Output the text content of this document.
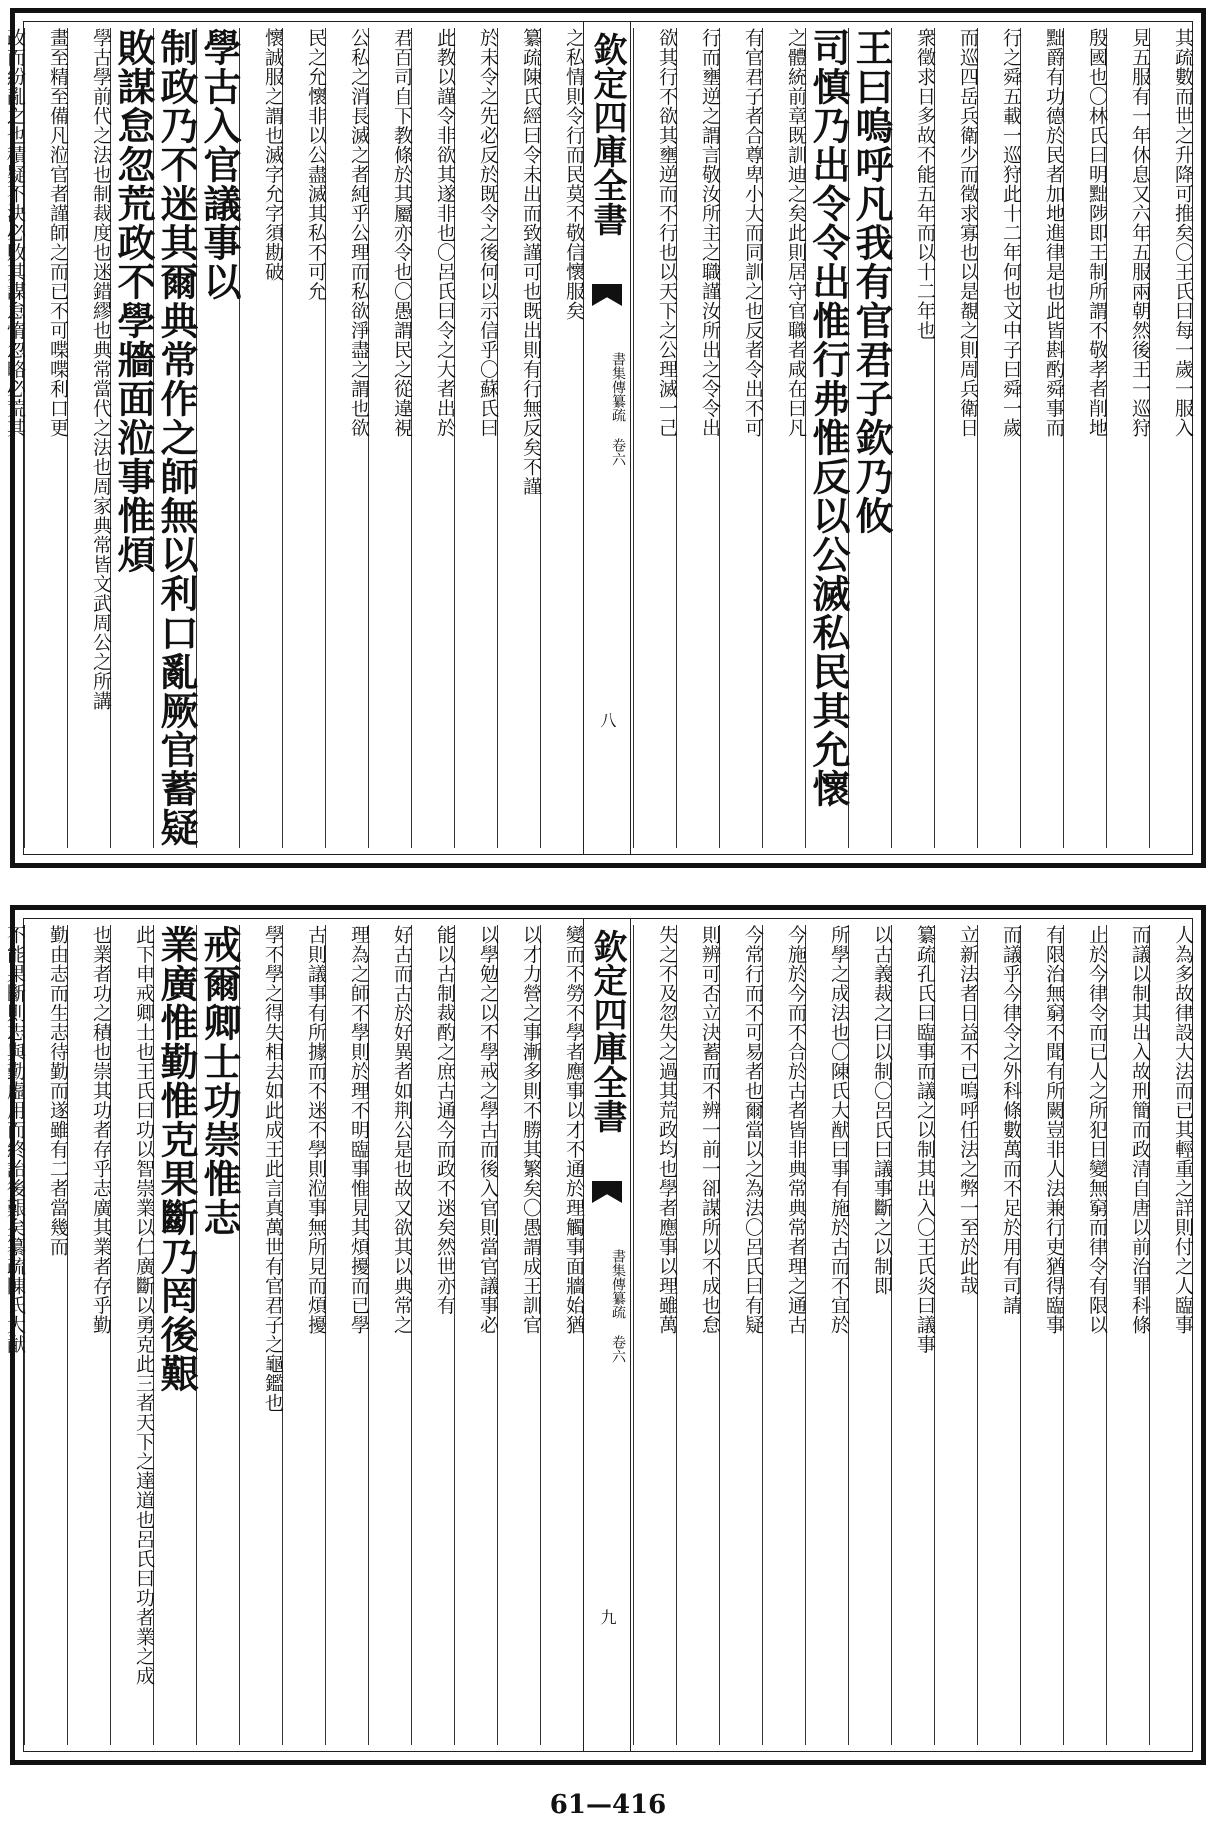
之私情則令行而民莫不敬信懷服矣
纂疏陳氏經曰令未出而致謹可也既出則有行無反矣不謹
於未令之先必反於既令之後何以示信乎〇蘇氏曰
此教以謹令非欲其遂非也〇呂氏曰令之大者出於
君百司自下教條於其屬亦令也〇愚謂民之從違視
公私之消長滅之者純乎公理而私欲淨盡之謂也欲
民之允懷非以公盡滅其私不可允
懷誠服之謂也滅字允字須勘破
學古入官議事以
制政乃不迷其爾典常作之師無以利口亂厥官蓄疑
敗謀怠忽荒政不學牆面涖事惟煩
學古學前代之法也制裁度也迷錯繆也典常當代之法也周家典常皆文武周公之所講
畫至精至備凡涖官者謹師之而已不可喋喋利口更
改而紛亂之也積疑不決必敗其謀怠惰忽略必荒其	欽定四庫全書
書集傳纂疏 卷六
八
其疏數而世之升降可推矣〇王氏曰每一歲一服入
見五服有一年休息又六年五服兩朝然後王一巡狩
殷國也〇林氏曰明黜陟即王制所謂不敬孝者削地
黜爵有功德於民者加地進律是也此皆斟酌舜事而
行之舜五載一巡狩此十二年何也文中子曰舜一歲
而巡四岳兵衛少而徵求寡也以是覩之則周兵衛日
衆徵求日多故不能五年而以十二年也
王曰嗚呼凡我有官君子欽乃攸
司慎乃出令令出惟行弗惟反以公滅私民其允懷
之體統前章既訓迪之矣此則居守官職者咸在曰凡
有官君子者合尊卑小大而同訓之也反者令出不可
行而壅逆之謂言敬汝所主之職謹汝所出之令令出
欲其行不欲其壅逆而不行也以天下之公理滅一己
變而不勞不學者應事以才不通於理觸事面牆始猶
以才力營之事漸多則不勝其繁矣〇愚謂成王訓官
以學勉之以不學戒之學古而後入官則當官議事必
能以古制裁酌之庶古通今而政不迷矣然世亦有
好古而古於好異者如荆公是也故又欲其以典常之
理為之師不學則於理不明臨事惟見其煩擾而已學
古則議事有所據而不迷不學則涖事無所見而煩擾
學不學之得失相去如此成王此言真萬世有官君子之龜鑑也
戒爾卿士功崇惟志
業廣惟勤惟克果斷乃罔後艱
此下申戒卿士也王氏曰功以智崇業以仁廣斷以勇克此三者天下之達道也呂氏曰功者業之成
也業者功之積也崇其功者存乎志廣其業者存乎勤
勤由志而生志待勤而遂雖有二者當幾而
不能果斷則志與勤虛用而終詒後艱矣纂疏陳氏大猷	欽定四庫全書
書集傳纂疏 卷六
九
人為多故律設大法而已其輕重之詳則付之人臨事
而議以制其出入故刑簡而政清自唐以前治罪科條
止於今律令而已人之所犯日變無窮而律令有限以
有限治無窮不聞有所闕豈非人法兼行吏猶得臨事
而議乎今律令之外科條數萬而不足於用有司請
立新法者日益不已嗚呼任法之弊一至於此哉
纂疏孔氏曰臨事而議之以制其出入〇王氏炎曰議事
以古義裁之曰以制〇呂氏曰議事斷之以制即
所學之成法也〇陳氏大猷曰事有施於古而不宜於
今施於今而不合於古者皆非典常典常者理之通古
今常行而不可易者也爾當以之為法〇呂氏曰有疑
則辨可否立決蓄而不辨一前一卻謀所以不成也怠
失之不及忽失之過其荒政均也學者應事以理雖萬
61—416
